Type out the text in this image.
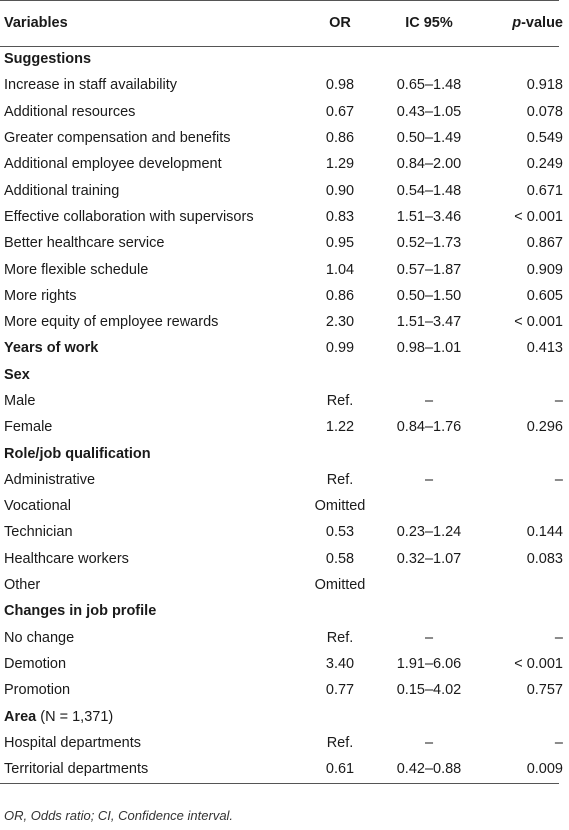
Variables	OR	IC 95%	p-value
Suggestions			
Increase in staff availability	0.98	0.65–1.48	0.918
Additional resources	0.67	0.43–1.05	0.078
Greater compensation and benefits	0.86	0.50–1.49	0.549
Additional employee development	1.29	0.84–2.00	0.249
Additional training	0.90	0.54–1.48	0.671
Effective collaboration with supervisors	0.83	1.51–3.46	< 0.001
Better healthcare service	0.95	0.52–1.73	0.867
More flexible schedule	1.04	0.57–1.87	0.909
More rights	0.86	0.50–1.50	0.605
More equity of employee rewards	2.30	1.51–3.47	< 0.001
Years of work	0.99	0.98–1.01	0.413
Sex			
Male	Ref.	–	–
Female	1.22	0.84–1.76	0.296
Role/job qualification			
Administrative	Ref.	–	–
Vocational	Omitted		
Technician	0.53	0.23–1.24	0.144
Healthcare workers	0.58	0.32–1.07	0.083
Other	Omitted		
Changes in job profile			
No change	Ref.	–	–
Demotion	3.40	1.91–6.06	< 0.001
Promotion	0.77	0.15–4.02	0.757
Area (N = 1,371)			
Hospital departments	Ref.	–	–
Territorial departments	0.61	0.42–0.88	0.009
OR, Odds ratio; CI, Confidence interval.
